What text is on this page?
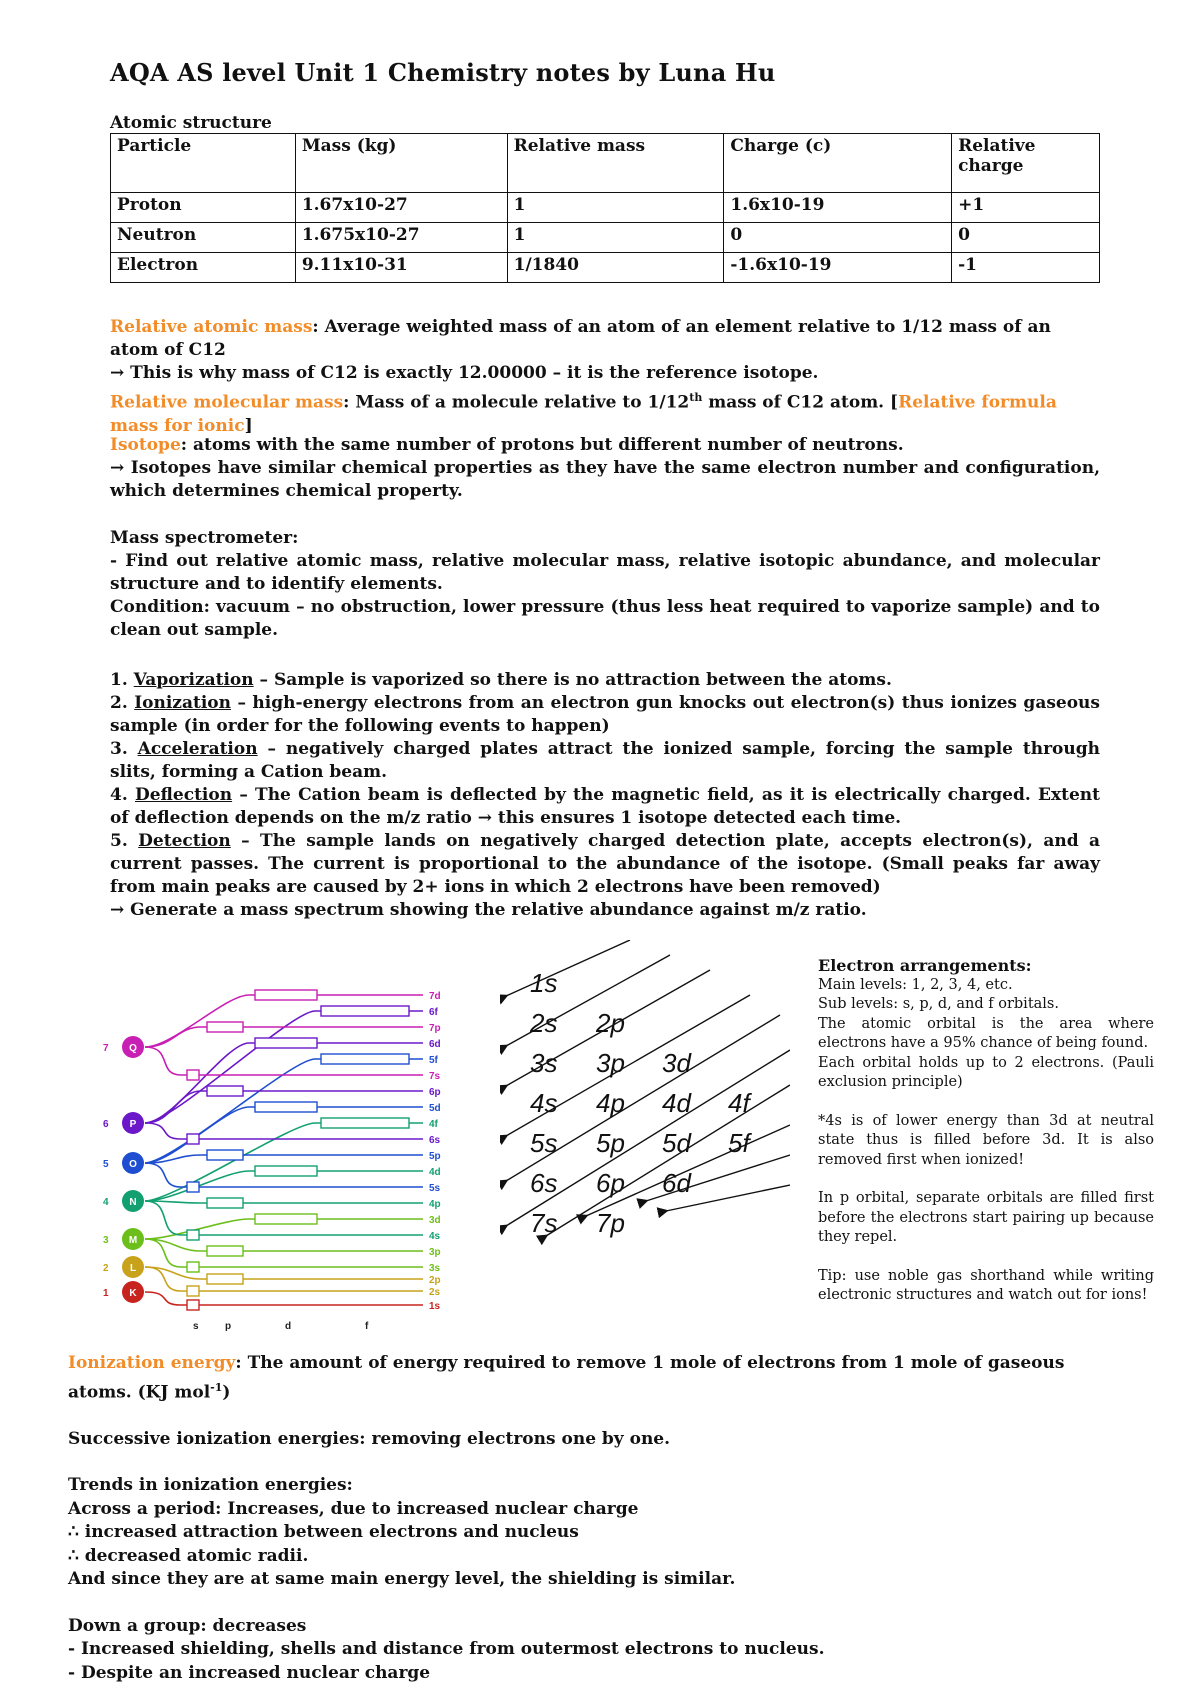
AQA AS level Unit 1 Chemistry notes by Luna Hu
Atomic structure
Particle	Mass (kg)	Relative mass	Charge (c)	Relative charge
Proton	1.67x10-27	1	1.6x10-19	+1
Neutron	1.675x10-27	1	0	0
Electron	9.11x10-31	1/1840	-1.6x10-19	-1

Relative atomic mass: Average weighted mass of an atom of an element relative to 1/12 mass of an atom of C12

→ This is why mass of C12 is exactly 12.00000 – it is the reference isotope.

Relative molecular mass: Mass of a molecule relative to 1/12th mass of C12 atom. [Relative formula mass for ionic]

Isotope: atoms with the same number of protons but different number of neutrons.

→ Isotopes have similar chemical properties as they have the same electron number and configuration, which determines chemical property.

Mass spectrometer:

- Find out relative atomic mass, relative molecular mass, relative isotopic abundance, and molecular structure and to identify elements.

Condition: vacuum – no obstruction, lower pressure (thus less heat required to vaporize sample) and to clean out sample.

1. Vaporization – Sample is vaporized so there is no attraction between the atoms.

2. Ionization – high-energy electrons from an electron gun knocks out electron(s) thus ionizes gaseous sample (in order for the following events to happen)

3. Acceleration – negatively charged plates attract the ionized sample, forcing the sample through slits, forming a Cation beam.

4. Deflection – The Cation beam is deflected by the magnetic field, as it is electrically charged. Extent of deflection depends on the m/z ratio → this ensures 1 isotope detected each time.

5. Detection – The sample lands on negatively charged detection plate, accepts electron(s), and a current passes. The current is proportional to the abundance of the isotope. (Small peaks far away from main peaks are caused by 2+ ions in which 2 electrons have been removed)

→ Generate a mass spectrum showing the relative abundance against m/z ratio.

7d
6f
7p
6d
5f
7s
6p
5d
4f
6s
5p
4d
5s
4p
3d
4s
3p
3s
2p
2s
1s
Q
7
P
6
O
5
N
4
M
3
L
2
K
1
s	p	d	f
1s
2s 2p
3s 3p 3d
4s 4p 4d 4f
5s 5p 5d 5f
6s 6p 6d
7s 7p

Electron arrangements:

Main levels: 1, 2, 3, 4, etc.

Sub levels: s, p, d, and f orbitals.

The atomic orbital is the area where electrons have a 95% chance of being found.

Each orbital holds up to 2 electrons. (Pauli exclusion principle)

*4s is of lower energy than 3d at neutral state thus is filled before 3d. It is also removed first when ionized!

In p orbital, separate orbitals are filled first before the electrons start pairing up because they repel.

Tip: use noble gas shorthand while writing electronic structures and watch out for ions!

Ionization energy: The amount of energy required to remove 1 mole of electrons from 1 mole of gaseous atoms. (KJ mol$^{-1}$)

Successive ionization energies: removing electrons one by one.

Trends in ionization energies:

Across a period: Increases, due to increased nuclear charge

∴ increased attraction between electrons and nucleus

∴ decreased atomic radii.

And since they are at same main energy level, the shielding is similar.

Down a group: decreases

- Increased shielding, shells and distance from outermost electrons to nucleus.

- Despite an increased nuclear charge
